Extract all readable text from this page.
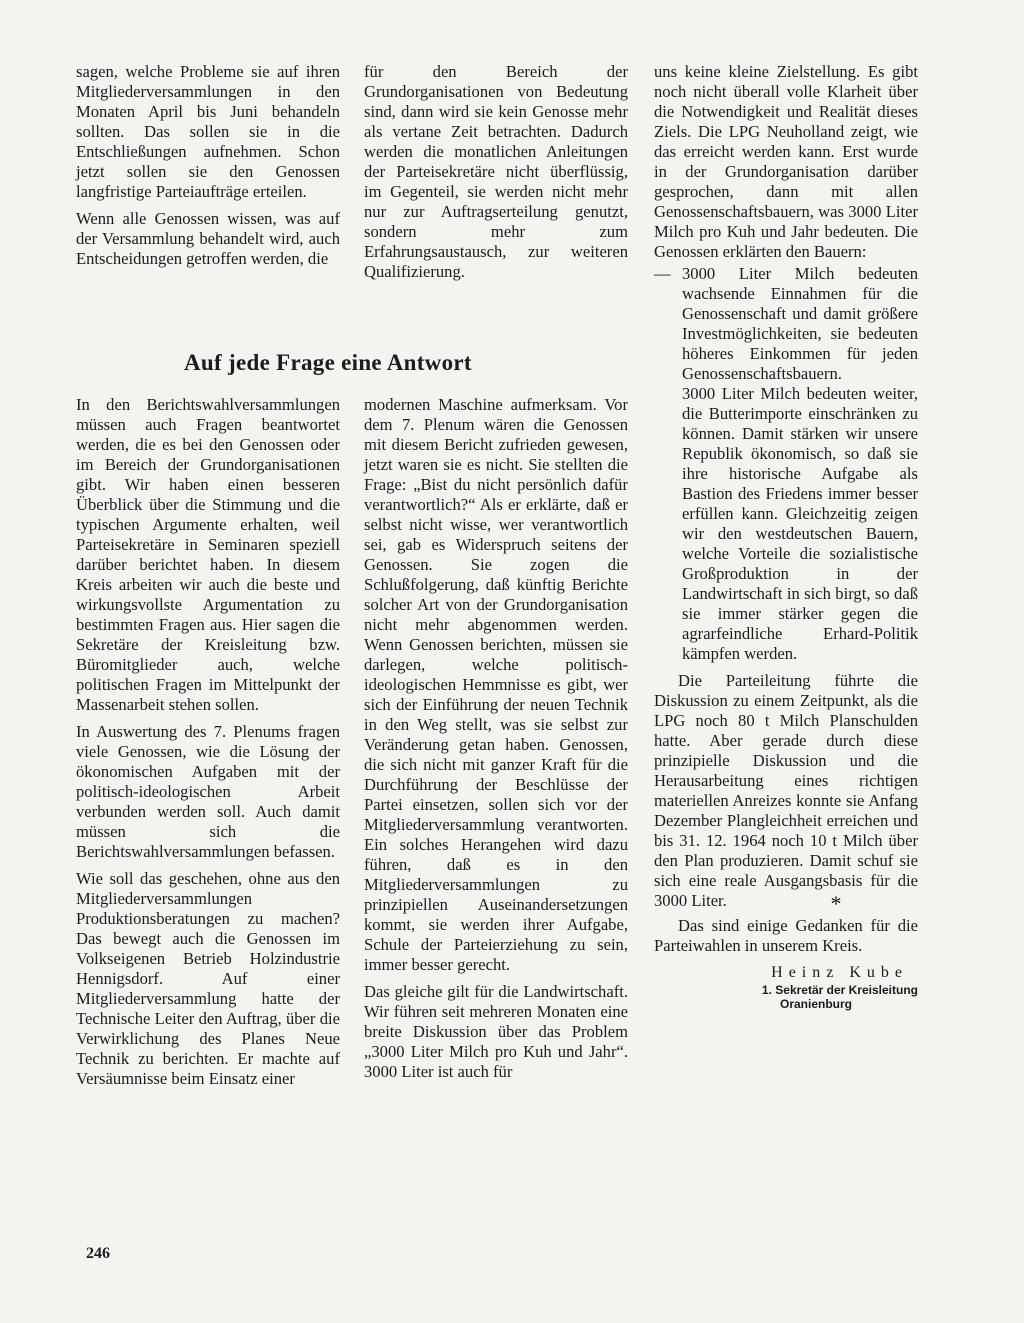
sagen, welche Probleme sie auf ihren Mitgliederversammlungen in den Monaten April bis Juni behandeln sollten. Das sollen sie in die Entschließungen aufnehmen. Schon jetzt sollen sie den Genossen langfristige Parteiaufträge erteilen.

Wenn alle Genossen wissen, was auf der Versammlung behandelt wird, auch Entscheidungen getroffen werden, die

für den Bereich der Grundorganisationen von Bedeutung sind, dann wird sie kein Genosse mehr als vertane Zeit betrachten. Dadurch werden die monatlichen Anleitungen der Parteisekretäre nicht überflüssig, im Gegenteil, sie werden nicht mehr nur zur Auftragserteilung genutzt, sondern mehr zum Erfahrungsaustausch, zur weiteren Qualifizierung.

Auf jede Frage eine Antwort

In den Berichtswahlversammlungen müssen auch Fragen beantwortet werden, die es bei den Genossen oder im Bereich der Grundorganisationen gibt. Wir haben einen besseren Überblick über die Stimmung und die typischen Argumente erhalten, weil Parteisekretäre in Seminaren speziell darüber berichtet haben. In diesem Kreis arbeiten wir auch die beste und wirkungsvollste Argumentation zu bestimmten Fragen aus. Hier sagen die Sekretäre der Kreisleitung bzw. Büromitglieder auch, welche politischen Fragen im Mittelpunkt der Massenarbeit stehen sollen.

In Auswertung des 7. Plenums fragen viele Genossen, wie die Lösung der ökonomischen Aufgaben mit der politisch-ideologischen Arbeit verbunden werden soll. Auch damit müssen sich die Berichtswahlversammlungen befassen.

Wie soll das geschehen, ohne aus den Mitgliederversammlungen Produktionsberatungen zu machen? Das bewegt auch die Genossen im Volkseigenen Betrieb Holzindustrie Hennigsdorf. Auf einer Mitgliederversammlung hatte der Technische Leiter den Auftrag, über die Verwirklichung des Planes Neue Technik zu berichten. Er machte auf Versäumnisse beim Einsatz einer

modernen Maschine aufmerksam. Vor dem 7. Plenum wären die Genossen mit diesem Bericht zufrieden gewesen, jetzt waren sie es nicht. Sie stellten die Frage: „Bist du nicht persönlich dafür verantwortlich?“ Als er erklärte, daß er selbst nicht wisse, wer verantwortlich sei, gab es Widerspruch seitens der Genossen. Sie zogen die Schlußfolgerung, daß künftig Berichte solcher Art von der Grundorganisation nicht mehr abgenommen werden. Wenn Genossen berichten, müssen sie darlegen, welche politisch-ideologischen Hemmnisse es gibt, wer sich der Einführung der neuen Technik in den Weg stellt, was sie selbst zur Veränderung getan haben. Genossen, die sich nicht mit ganzer Kraft für die Durchführung der Beschlüsse der Partei einsetzen, sollen sich vor der Mitgliederversammlung verantworten. Ein solches Herangehen wird dazu führen, daß es in den Mitgliederversammlungen zu prinzipiellen Auseinandersetzungen kommt, sie werden ihrer Aufgabe, Schule der Parteierziehung zu sein, immer besser gerecht.

Das gleiche gilt für die Landwirtschaft. Wir führen seit mehreren Monaten eine breite Diskussion über das Problem „3000 Liter Milch pro Kuh und Jahr“. 3000 Liter ist auch für

uns keine kleine Zielstellung. Es gibt noch nicht überall volle Klarheit über die Notwendigkeit und Realität dieses Ziels. Die LPG Neuholland zeigt, wie das erreicht werden kann. Erst wurde in der Grundorganisation darüber gesprochen, dann mit allen Genossenschaftsbauern, was 3000 Liter Milch pro Kuh und Jahr bedeuten. Die Genossen erklärten den Bauern:

— 3000 Liter Milch bedeuten wachsende Einnahmen für die Genossenschaft und damit größere Investmöglichkeiten, sie bedeuten höheres Einkommen für jeden Genossenschaftsbauern.

3000 Liter Milch bedeuten weiter, die Butterimporte einschränken zu können. Damit stärken wir unsere Republik ökonomisch, so daß sie ihre historische Aufgabe als Bastion des Friedens immer besser erfüllen kann. Gleichzeitig zeigen wir den westdeutschen Bauern, welche Vorteile die sozialistische Großproduktion in der Landwirtschaft in sich birgt, so daß sie immer stärker gegen die agrarfeindliche Erhard-Politik kämpfen werden.

Die Parteileitung führte die Diskussion zu einem Zeitpunkt, als die LPG noch 80 t Milch Planschulden hatte. Aber gerade durch diese prinzipielle Diskussion und die Herausarbeitung eines richtigen materiellen Anreizes konnte sie Anfang Dezember Plangleichheit erreichen und bis 31. 12. 1964 noch 10 t Milch über den Plan produzieren. Damit schuf sie sich eine reale Ausgangsbasis für die 3000 Liter.	*

Das sind einige Gedanken für die Parteiwahlen in unserem Kreis.

Heinz Kube
1. Sekretär der Kreisleitung
Oranienburg
246
